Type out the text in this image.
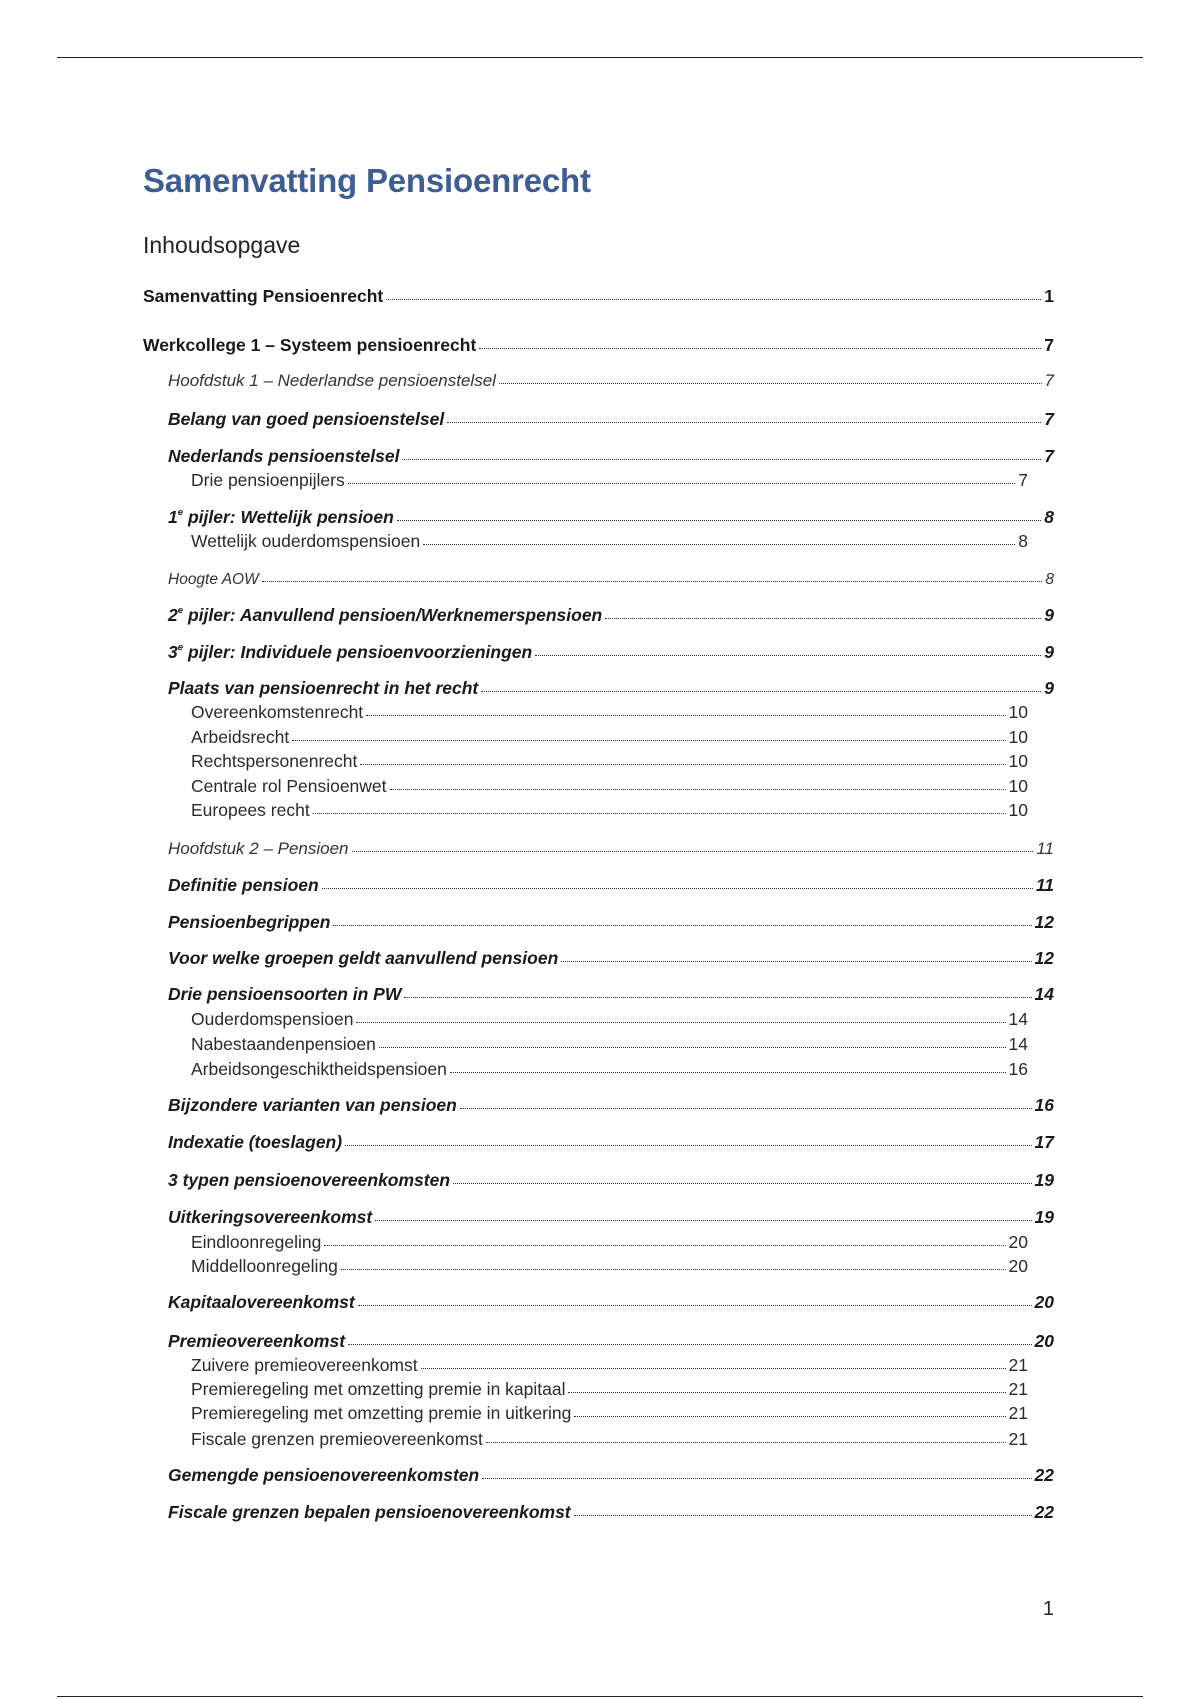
Samenvatting Pensioenrecht
Inhoudsopgave
Samenvatting Pensioenrecht	1
Werkcollege 1 – Systeem pensioenrecht	7
Hoofdstuk 1 – Nederlandse pensioenstelsel	7
Belang van goed pensioenstelsel	7
Nederlands pensioenstelsel	7
Drie pensioenpijlers	7
1e pijler: Wettelijk pensioen	8
Wettelijk ouderdomspensioen	8
Hoogte AOW	8
2e pijler: Aanvullend pensioen/Werknemerspensioen	9
3e pijler: Individuele pensioenvoorzieningen	9
Plaats van pensioenrecht in het recht	9
Overeenkomstenrecht	10
Arbeidsrecht	10
Rechtspersonenrecht	10
Centrale rol Pensioenwet	10
Europees recht	10
Hoofdstuk 2 – Pensioen	11
Definitie pensioen	11
Pensioenbegrippen	12
Voor welke groepen geldt aanvullend pensioen	12
Drie pensioensoorten in PW	14
Ouderdomspensioen	14
Nabestaandenpensioen	14
Arbeidsongeschiktheidspensioen	16
Bijzondere varianten van pensioen	16
Indexatie (toeslagen)	17
3 typen pensioenovereenkomsten	19
Uitkeringsovereenkomst	19
Eindloonregeling	20
Middelloonregeling	20
Kapitaalovereenkomst	20
Premieovereenkomst	20
Zuivere premieovereenkomst	21
Premieregeling met omzetting premie in kapitaal	21
Premieregeling met omzetting premie in uitkering	21
Fiscale grenzen premieovereenkomst	21
Gemengde pensioenovereenkomsten	22
Fiscale grenzen bepalen pensioenovereenkomst	22
1
